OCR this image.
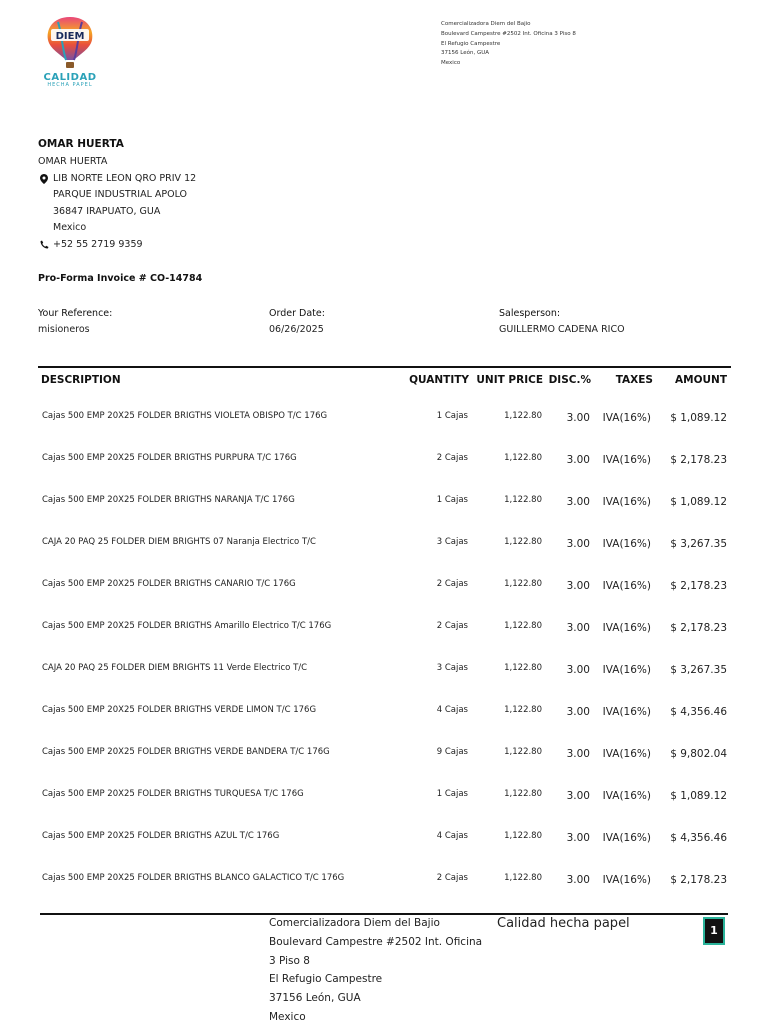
DIEM
CALIDAD
HECHA PAPEL
Comercializadora Diem del Bajio
Boulevard Campestre #2502 Int. Oficina 3 Piso 8
El Refugio Campestre
37156 León, GUA
Mexico
OMAR HUERTA
OMAR HUERTA
LIB NORTE LEON QRO PRIV 12
PARQUE INDUSTRIAL APOLO
36847 IRAPUATO, GUA
Mexico
+52 55 2719 9359
Pro-Forma Invoice # CO-14784
Your Reference:
misioneros
Order Date:
06/26/2025
Salesperson:
GUILLERMO CADENA RICO
DESCRIPTION	QUANTITY UNIT PRICE DISC.% TAXES AMOUNT
Cajas 500 EMP 20X25 FOLDER BRIGTHS VIOLETA OBISPO T/C 176G	1 Cajas	1,122.80 3.00 IVA(16%) $ 1,089.12
Cajas 500 EMP 20X25 FOLDER BRIGTHS PURPURA T/C 176G	2 Cajas	1,122.80 3.00 IVA(16%) $ 2,178.23
Cajas 500 EMP 20X25 FOLDER BRIGTHS NARANJA T/C 176G	1 Cajas	1,122.80 3.00 IVA(16%) $ 1,089.12
CAJA 20 PAQ 25 FOLDER DIEM BRIGHTS 07 Naranja Electrico T/C	3 Cajas	1,122.80 3.00 IVA(16%) $ 3,267.35
Cajas 500 EMP 20X25 FOLDER BRIGTHS CANARIO T/C 176G	2 Cajas	1,122.80 3.00 IVA(16%) $ 2,178.23
Cajas 500 EMP 20X25 FOLDER BRIGTHS Amarillo Electrico T/C 176G	2 Cajas	1,122.80 3.00 IVA(16%) $ 2,178.23
CAJA 20 PAQ 25 FOLDER DIEM BRIGHTS 11 Verde Electrico T/C	3 Cajas	1,122.80 3.00 IVA(16%) $ 3,267.35
Cajas 500 EMP 20X25 FOLDER BRIGTHS VERDE LIMON T/C 176G	4 Cajas	1,122.80 3.00 IVA(16%) $ 4,356.46
Cajas 500 EMP 20X25 FOLDER BRIGTHS VERDE BANDERA T/C 176G	9 Cajas	1,122.80 3.00 IVA(16%) $ 9,802.04
Cajas 500 EMP 20X25 FOLDER BRIGTHS TURQUESA T/C 176G	1 Cajas	1,122.80 3.00 IVA(16%) $ 1,089.12
Cajas 500 EMP 20X25 FOLDER BRIGTHS AZUL T/C 176G	4 Cajas	1,122.80 3.00 IVA(16%) $ 4,356.46
Cajas 500 EMP 20X25 FOLDER BRIGTHS BLANCO GALACTICO T/C 176G	2 Cajas	1,122.80 3.00 IVA(16%) $ 2,178.23
Comercializadora Diem del Bajio
Boulevard Campestre #2502 Int. Oficina
3 Piso 8
El Refugio Campestre
37156 León, GUA
Mexico
Calidad hecha papel	1
